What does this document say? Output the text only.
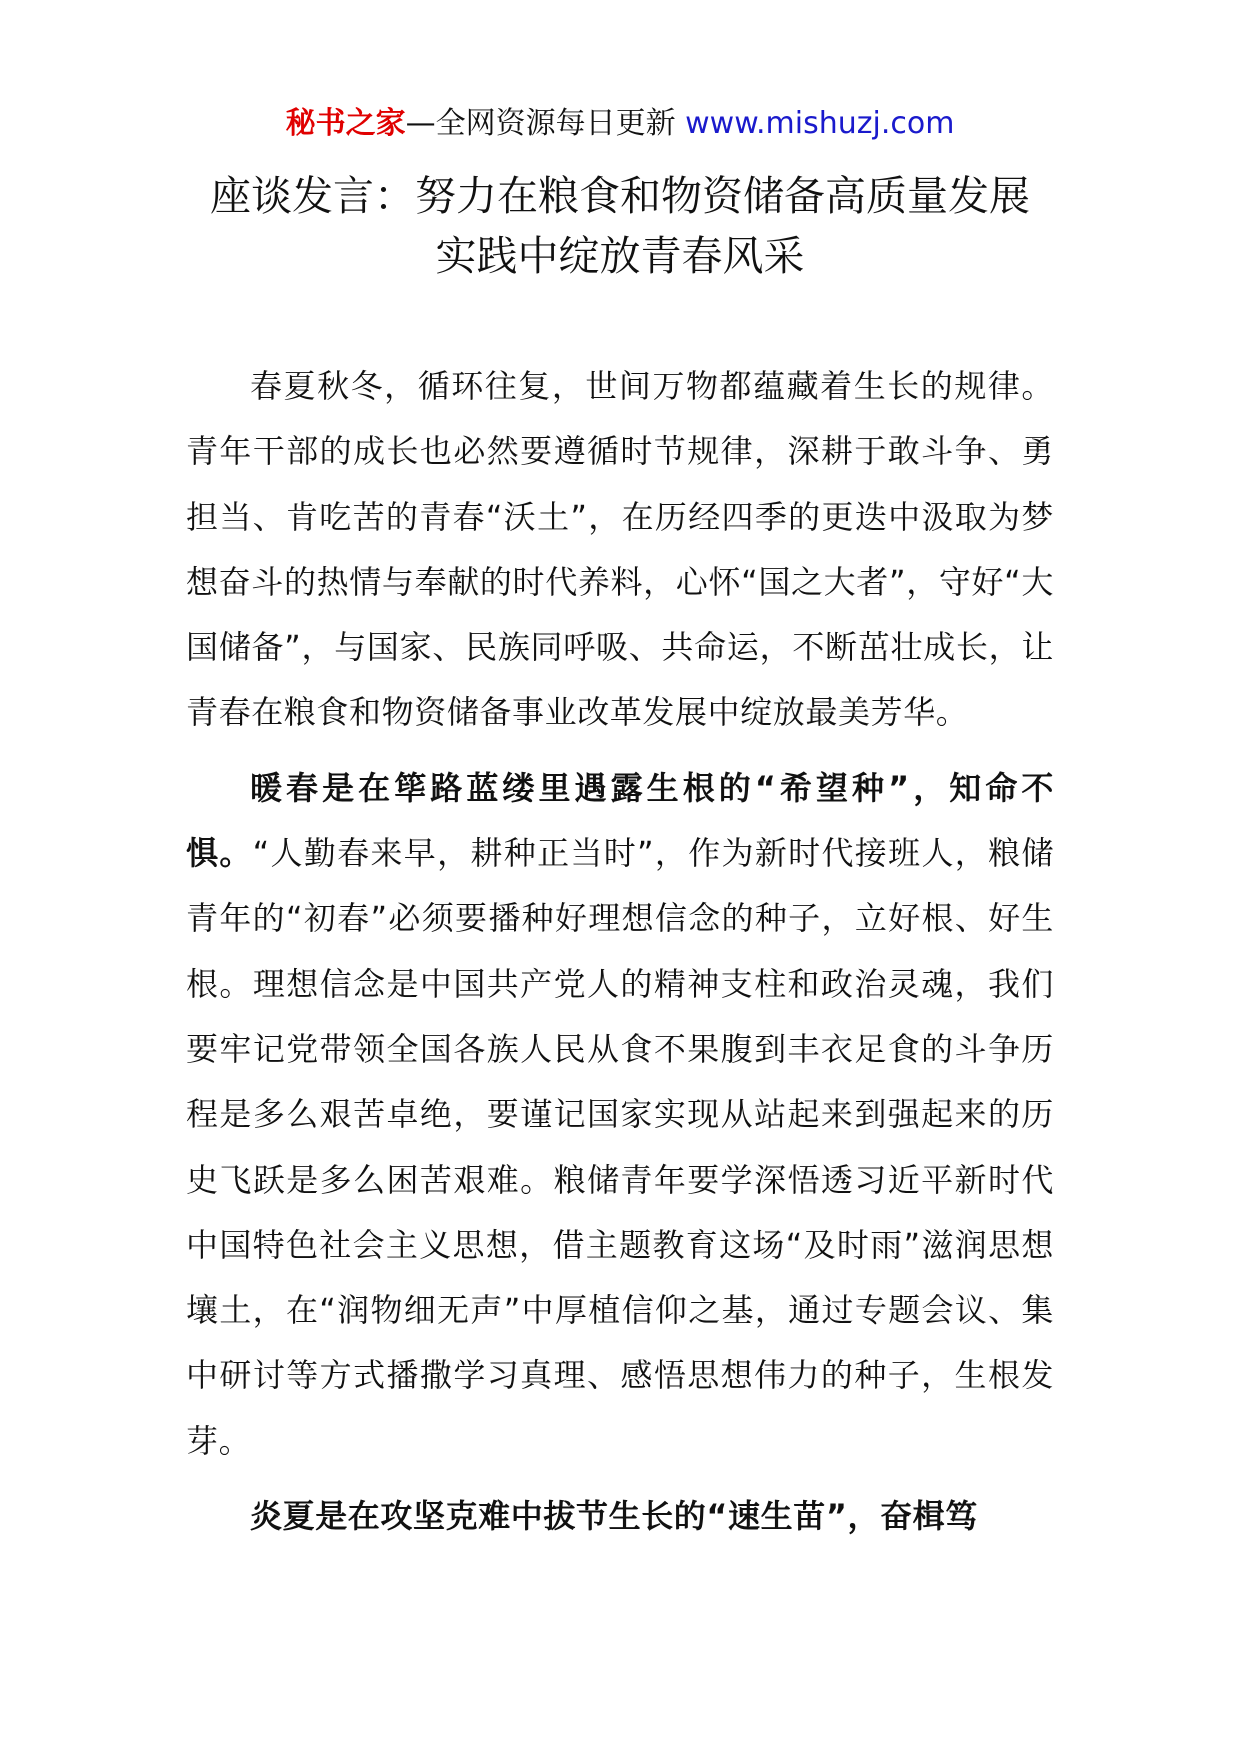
秘书之家—全网资源每日更新 www.mishuzj.com
座谈发言：努力在粮食和物资储备高质量发展
实践中绽放青春风采

春夏秋冬，循环往复，世间万物都蕴藏着生长的规律。青年干部的成长也必然要遵循时节规律，深耕于敢斗争、勇担当、肯吃苦的青春“沃土”，在历经四季的更迭中汲取为梦想奋斗的热情与奉献的时代养料，心怀“国之大者”，守好“大国储备”，与国家、民族同呼吸、共命运，不断茁壮成长，让青春在粮食和物资储备事业改革发展中绽放最美芳华。

暖春是在筚路蓝缕里遇露生根的“希望种”，知命不惧。“人勤春来早，耕种正当时”，作为新时代接班人，粮储青年的“初春”必须要播种好理想信念的种子，立好根、好生根。理想信念是中国共产党人的精神支柱和政治灵魂，我们要牢记党带领全国各族人民从食不果腹到丰衣足食的斗争历程是多么艰苦卓绝，要谨记国家实现从站起来到强起来的历史飞跃是多么困苦艰难。粮储青年要学深悟透习近平新时代中国特色社会主义思想，借主题教育这场“及时雨”滋润思想壤土，在“润物细无声”中厚植信仰之基，通过专题会议、集中研讨等方式播撒学习真理、感悟思想伟力的种子，生根发芽。

炎夏是在攻坚克难中拔节生长的“速生苗”，奋楫笃
